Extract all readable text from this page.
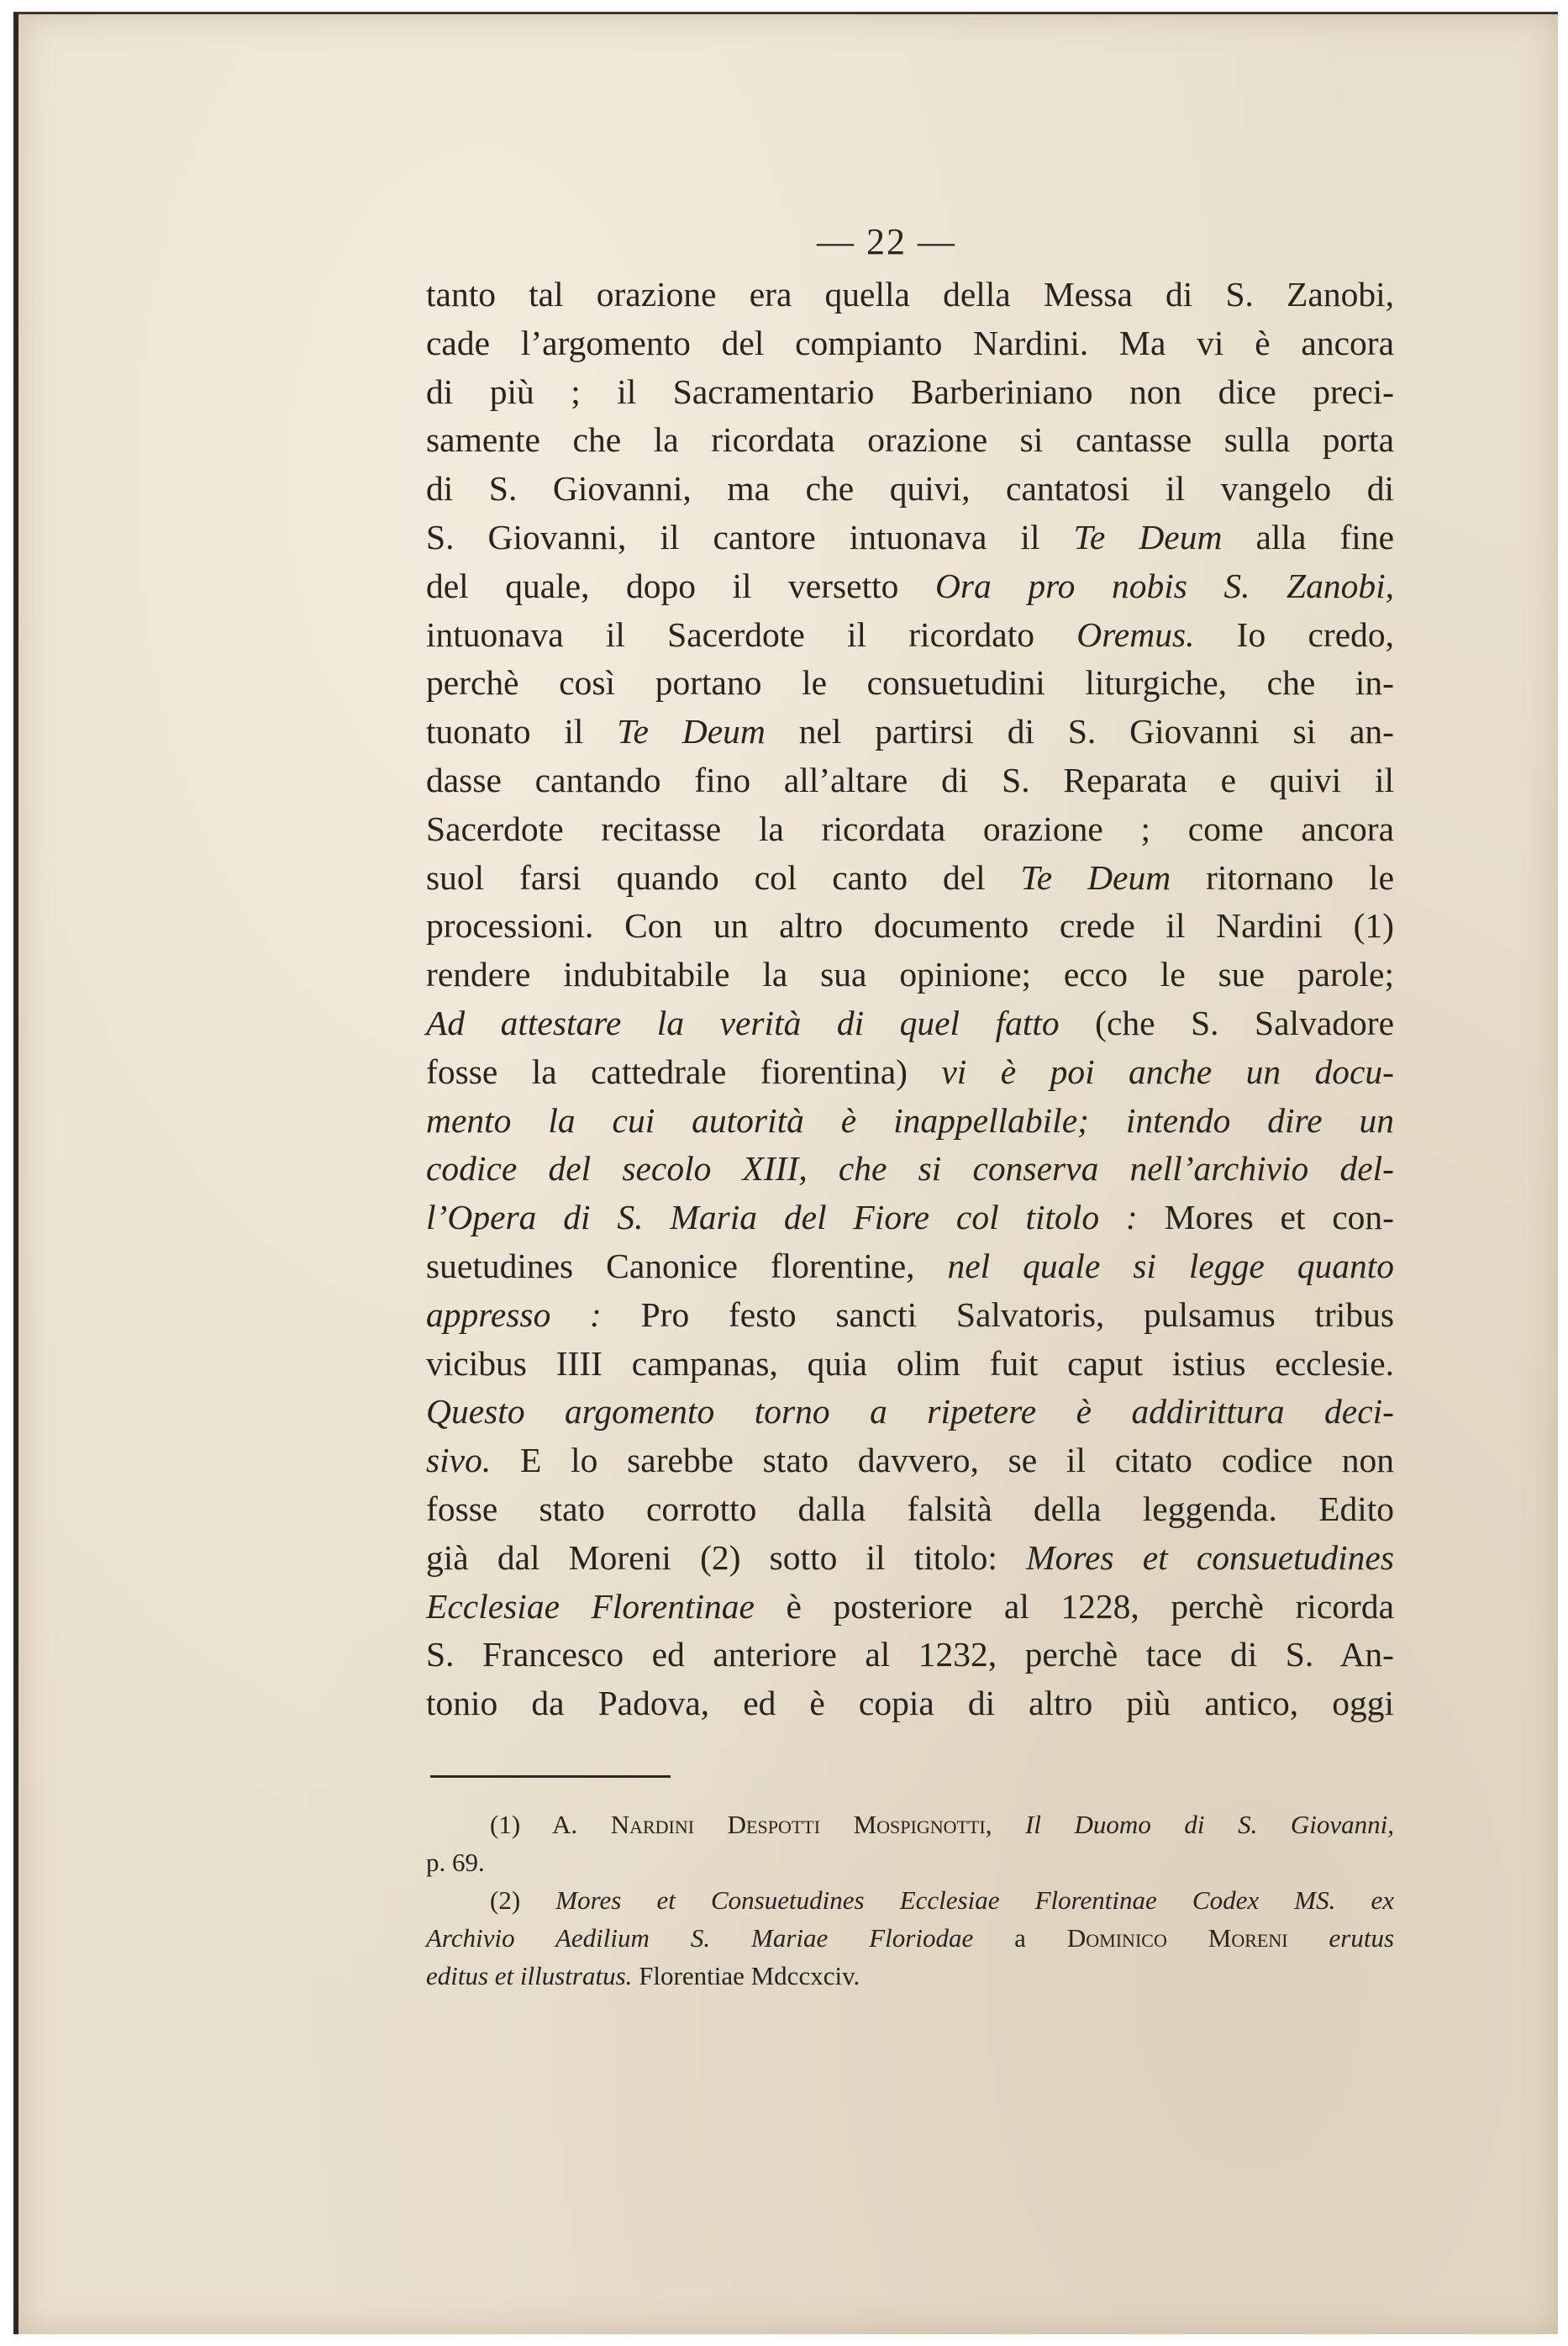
— 22 —
tanto tal orazione era quella della Messa di S. Zanobi,
cade l’argomento del compianto Nardini. Ma vi è ancora
di più ; il Sacramentario Barberiniano non dice preci-
samente che la ricordata orazione si cantasse sulla porta
di S. Giovanni, ma che quivi, cantatosi il vangelo di
S. Giovanni, il cantore intuonava il Te Deum alla fine
del quale, dopo il versetto Ora pro nobis S. Zanobi,
intuonava il Sacerdote il ricordato Oremus. Io credo,
perchè così portano le consuetudini liturgiche, che in-
tuonato il Te Deum nel partirsi di S. Giovanni si an-
dasse cantando fino all’altare di S. Reparata e quivi il
Sacerdote recitasse la ricordata orazione ; come ancora
suol farsi quando col canto del Te Deum ritornano le
processioni. Con un altro documento crede il Nardini (1)
rendere indubitabile la sua opinione; ecco le sue parole;
Ad attestare la verità di quel fatto (che S. Salvadore
fosse la cattedrale fiorentina) vi è poi anche un docu-
mento la cui autorità è inappellabile; intendo dire un
codice del secolo XIII, che si conserva nell’archivio del-
l’Opera di S. Maria del Fiore col titolo : Mores et con-
suetudines Canonice florentine, nel quale si legge quanto
appresso : Pro festo sancti Salvatoris, pulsamus tribus
vicibus IIII campanas, quia olim fuit caput istius ecclesie.
Questo argomento torno a ripetere è addirittura deci-
sivo. E lo sarebbe stato davvero, se il citato codice non
fosse stato corrotto dalla falsità della leggenda. Edito
già dal Moreni (2) sotto il titolo: Mores et consuetudines
Ecclesiae Florentinae è posteriore al 1228, perchè ricorda
S. Francesco ed anteriore al 1232, perchè tace di S. An-
tonio da Padova, ed è copia di altro più antico, oggi
(1) A. Nardini Despotti Mospignotti, Il Duomo di S. Giovanni,
p. 69.
(2) Mores et Consuetudines Ecclesiae Florentinae Codex MS. ex
Archivio Aedilium S. Mariae Floriodae a Dominico Moreni erutus
editus et illustratus. Florentiae Mdccxciv.
